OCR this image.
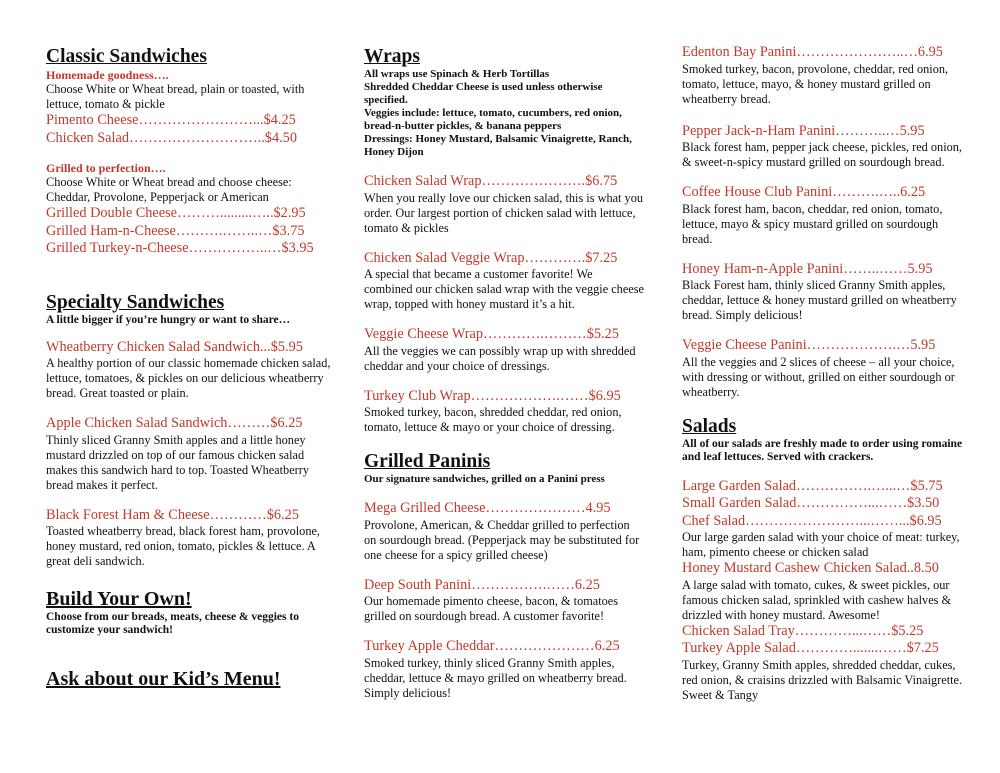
Classic Sandwiches
Homemade goodness….
Choose White or Wheat bread, plain or toasted, with lettuce, tomato & pickle
Pimento Cheese……………………...$4.25
Chicken Salad………………………..$4.50
Grilled to perfection….
Choose White or Wheat bread and choose cheese: Cheddar, Provolone, Pepperjack or American
Grilled Double Cheese……….........…..$2.95
Grilled Ham-n-Cheese……….……..…$3.75
Grilled Turkey-n-Cheese……………..…$3.95
Specialty Sandwiches
A little bigger if you’re hungry or want to share…
Wheatberry Chicken Salad Sandwich...$5.95
A healthy portion of our classic homemade chicken salad, lettuce, tomatoes, & pickles on our delicious wheatberry bread. Great toasted or plain.
Apple Chicken Salad Sandwich………$6.25
Thinly sliced Granny Smith apples and a little honey mustard drizzled on top of our famous chicken salad makes this sandwich hard to top. Toasted Wheatberry bread makes it perfect.
Black Forest Ham & Cheese…………$6.25
Toasted wheatberry bread, black forest ham, provolone, honey mustard, red onion, tomato, pickles & lettuce. A great deli sandwich.
Build Your Own!
Choose from our breads, meats, cheese & veggies to customize your sandwich!
Ask about our Kid’s Menu!
Wraps
All wraps use Spinach & Herb Tortillas
Shredded Cheddar Cheese is used unless otherwise specified.
Veggies include: lettuce, tomato, cucumbers, red onion, bread-n-butter pickles, & banana peppers
Dressings: Honey Mustard, Balsamic Vinaigrette, Ranch, Honey Dijon
Chicken Salad Wrap………………….$6.75
When you really love our chicken salad, this is what you order. Our largest portion of chicken salad with lettuce, tomato & pickles
Chicken Salad Veggie Wrap………….$7.25
A special that became a customer favorite! We combined our chicken salad wrap with the veggie cheese wrap, topped with honey mustard it’s a hit.
Veggie Cheese Wrap………….………$5.25
All the veggies we can possibly wrap up with shredded cheddar and your choice of dressings.
Turkey Club Wrap……………….……$6.95
Smoked turkey, bacon, shredded cheddar, red onion, tomato, lettuce & mayo or your choice of dressing.
Grilled Paninis
Our signature sandwiches, grilled on a Panini press
Mega Grilled Cheese…………………4.95
Provolone, American, & Cheddar grilled to perfection on sourdough bread. (Pepperjack may be substituted for one cheese for a spicy grilled cheese)
Deep South Panini…………….……6.25
Our homemade pimento cheese, bacon, & tomatoes grilled on sourdough bread. A customer favorite!
Turkey Apple Cheddar…………………6.25
Smoked turkey, thinly sliced Granny Smith apples, cheddar, lettuce & mayo grilled on wheatberry bread. Simply delicious!
Edenton Bay Panini…………………..…6.95
Smoked turkey, bacon, provolone, cheddar, red onion, tomato, lettuce, mayo, & honey mustard grilled on wheatberry bread.
Pepper Jack-n-Ham Panini………..…5.95
Black forest ham, pepper jack cheese, pickles, red onion, & sweet-n-spicy mustard grilled on sourdough bread.
Coffee House Club Panini……….…..6.25
Black forest ham, bacon, cheddar, red onion, tomato, lettuce, mayo & spicy mustard grilled on sourdough bread.
Honey Ham-n-Apple Panini……..……5.95
Black Forest ham, thinly sliced Granny Smith apples, cheddar, lettuce & honey mustard grilled on wheatberry bread. Simply delicious!
Veggie Cheese Panini……………….…5.95
All the veggies and 2 slices of cheese – all your choice, with dressing or without, grilled on either sourdough or wheatberry.
Salads
All of our salads are freshly made to order using romaine and leaf lettuces. Served with crackers.
Large Garden Salad…………….…...…$5.75
Small Garden Salad……………...……$3.50
Chef Salad……………………...……...$6.95
Our large garden salad with your choice of meat: turkey, ham, pimento cheese or chicken salad
Honey Mustard Cashew Chicken Salad..8.50
A large salad with tomato, cukes, & sweet pickles, our famous chicken salad, sprinkled with cashew halves & drizzled with honey mustard. Awesome!
Chicken Salad Tray…………...……$5.25
Turkey Apple Salad………….......……$7.25
Turkey, Granny Smith apples, shredded cheddar, cukes, red onion, & craisins drizzled with Balsamic Vinaigrette. Sweet & Tangy
